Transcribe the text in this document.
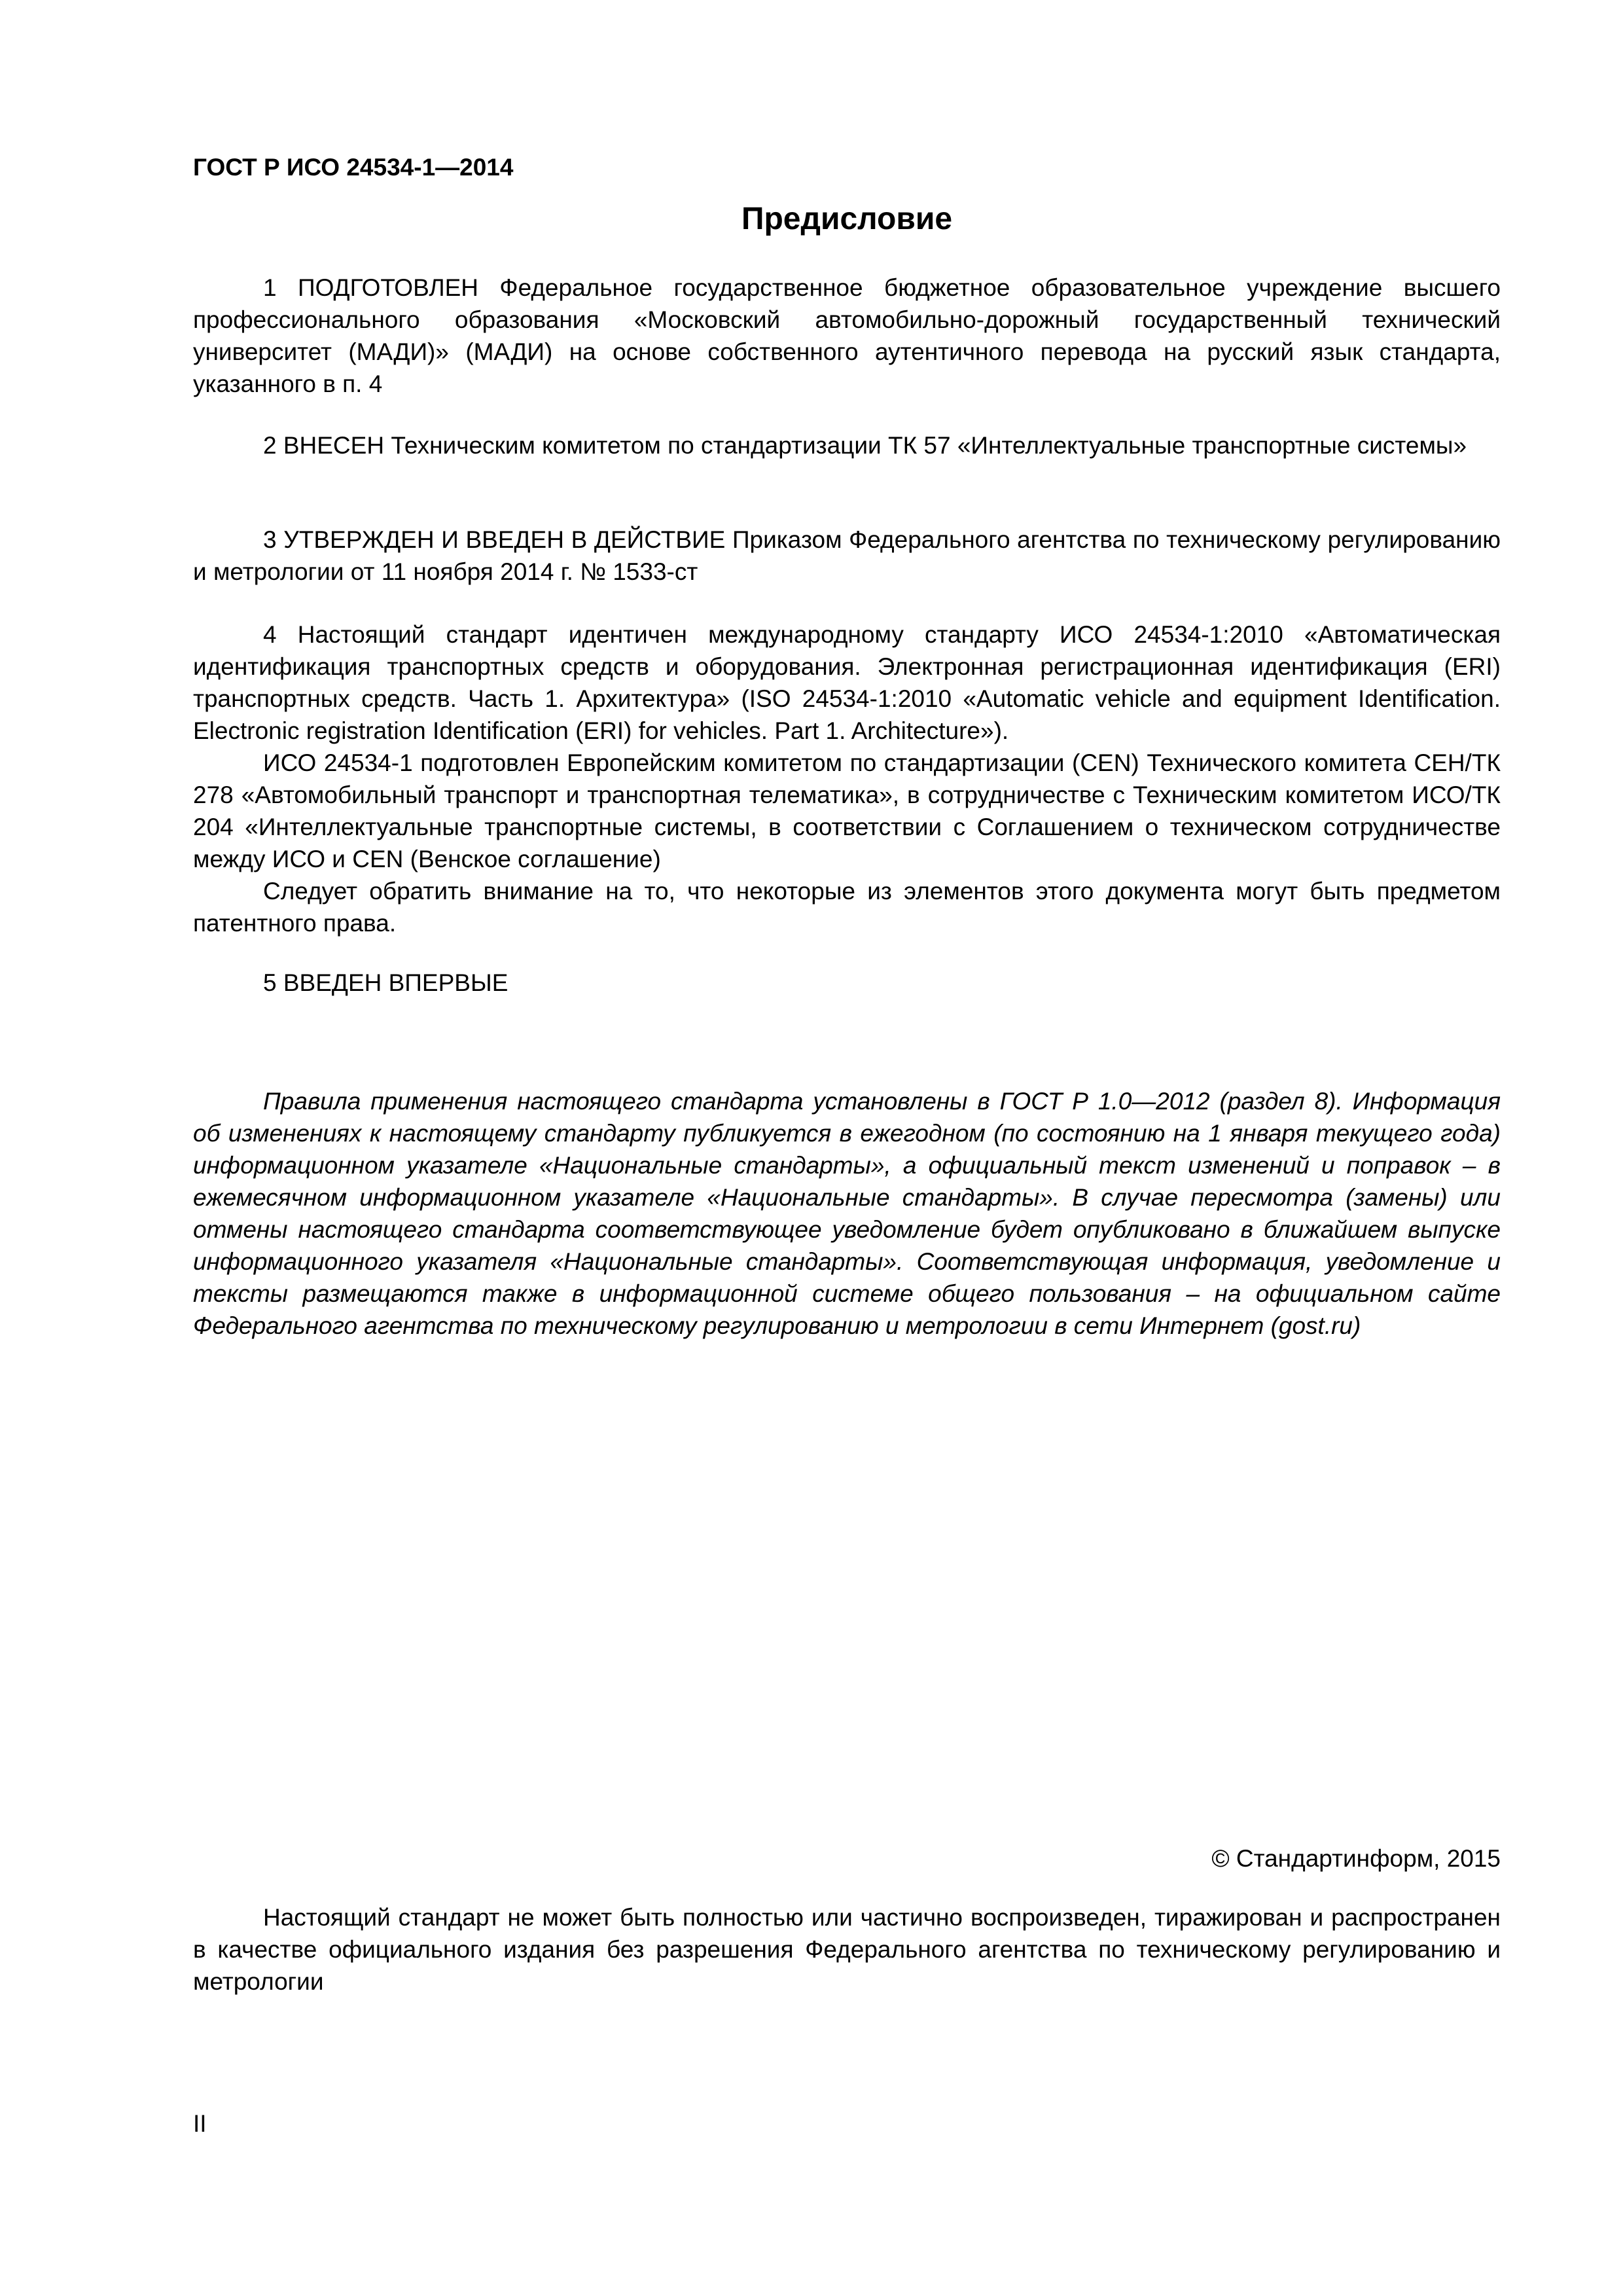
ГОСТ Р ИСО 24534-1—2014
Предисловие

1 ПОДГОТОВЛЕН Федеральное государственное бюджетное образовательное учреждение высшего профессионального образования «Московский автомобильно-дорожный государственный технический университет (МАДИ)» (МАДИ) на основе собственного аутентичного перевода на русский язык стандарта, указанного в п. 4

2 ВНЕСЕН Техническим комитетом по стандартизации ТК 57 «Интеллектуальные транспортные системы»

3 УТВЕРЖДЕН И ВВЕДЕН В ДЕЙСТВИЕ Приказом Федерального агентства по техническому регулированию и метрологии от 11 ноября 2014 г. № 1533-ст

4 Настоящий стандарт идентичен международному стандарту ИСО 24534-1:2010 «Автоматическая идентификация транспортных средств и оборудования. Электронная регистрационная идентификация (ERI) транспортных средств. Часть 1. Архитектура» (ISO 24534-1:2010 «Automatic vehicle and equipment Identification. Electronic registration Identification (ERI) for vehicles. Part 1. Architecture»).

ИСО 24534-1 подготовлен Европейским комитетом по стандартизации (CEN) Технического комитета СЕН/ТК 278 «Автомобильный транспорт и транспортная телематика», в сотрудничестве с Техническим комитетом ИСО/ТК 204 «Интеллектуальные транспортные системы, в соответствии с Соглашением о техническом сотрудничестве между ИСО и CEN (Венское соглашение)

Следует обратить внимание на то, что некоторые из элементов этого документа могут быть предметом патентного права.

5 ВВЕДЕН ВПЕРВЫЕ

Правила применения настоящего стандарта установлены в ГОСТ Р 1.0—2012 (раздел 8). Информация об изменениях к настоящему стандарту публикуется в ежегодном (по состоянию на 1 января текущего года) информационном указателе «Национальные стандарты», а официальный текст изменений и поправок – в ежемесячном информационном указателе «Национальные стандарты». В случае пересмотра (замены) или отмены настоящего стандарта соответствующее уведомление будет опубликовано в ближайшем выпуске информационного указателя «Национальные стандарты». Соответствующая информация, уведомление и тексты размещаются также в информационной системе общего пользования – на официальном сайте Федерального агентства по техническому регулированию и метрологии в сети Интернет (gost.ru)

© Стандартинформ, 2015

Настоящий стандарт не может быть полностью или частично воспроизведен, тиражирован и распространен в качестве официального издания без разрешения Федерального агентства по техническому регулированию и метрологии

II
